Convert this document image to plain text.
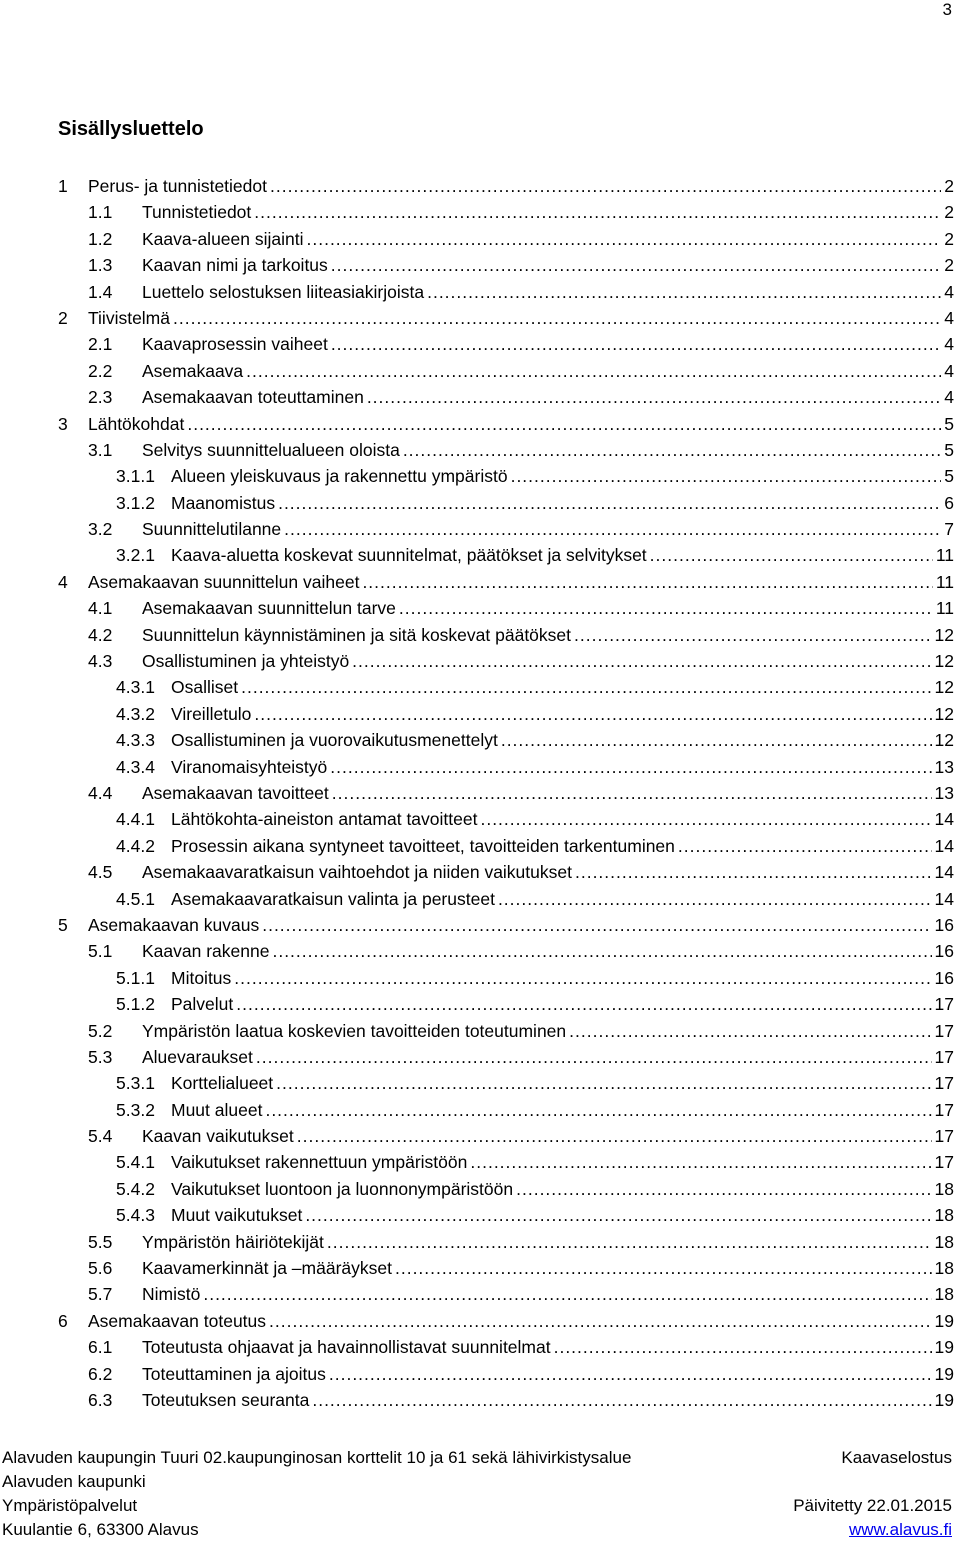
3
Sisällysluettelo
1	Perus- ja tunnistetiedot .....	2
1.1	Tunnistetiedot .....	2
1.2	Kaava-alueen sijainti .....	2
1.3	Kaavan nimi ja tarkoitus .....	2
1.4	Luettelo selostuksen liiteasiakirjoista .....	4
2	Tiivistelmä .....	4
2.1	Kaavaprosessin vaiheet .....	4
2.2	Asemakaava .....	4
2.3	Asemakaavan toteuttaminen .....	4
3	Lähtökohdat .....	5
3.1	Selvitys suunnittelualueen oloista .....	5
3.1.1 Alueen yleiskuvaus ja rakennettu ympäristö .....	5
3.1.2 Maanomistus .....	6
3.2	Suunnittelutilanne .....	7
3.2.1 Kaava-aluetta koskevat suunnitelmat, päätökset ja selvitykset .....	11
4	Asemakaavan suunnittelun vaiheet .....	11
4.1	Asemakaavan suunnittelun tarve .....	11
4.2	Suunnittelun käynnistäminen ja sitä koskevat päätökset .....	12
4.3	Osallistuminen ja yhteistyö .....	12
4.3.1 Osalliset .....	12
4.3.2 Vireilletulo .....	12
4.3.3 Osallistuminen ja vuorovaikutusmenettelyt .....	12
4.3.4 Viranomaisyhteistyö .....	13
4.4	Asemakaavan tavoitteet .....	13
4.4.1 Lähtökohta-aineiston antamat tavoitteet .....	14
4.4.2 Prosessin aikana syntyneet tavoitteet, tavoitteiden tarkentuminen .....	14
4.5	Asemakaavaratkaisun vaihtoehdot ja niiden vaikutukset .....	14
4.5.1 Asemakaavaratkaisun valinta ja perusteet .....	14
5	Asemakaavan kuvaus .....	16
5.1	Kaavan rakenne .....	16
5.1.1 Mitoitus .....	16
5.1.2 Palvelut .....	17
5.2	Ympäristön laatua koskevien tavoitteiden toteutuminen .....	17
5.3	Aluevaraukset .....	17
5.3.1 Korttelialueet .....	17
5.3.2 Muut alueet .....	17
5.4	Kaavan vaikutukset .....	17
5.4.1 Vaikutukset rakennettuun ympäristöön .....	17
5.4.2 Vaikutukset luontoon ja luonnonympäristöön .....	18
5.4.3 Muut vaikutukset .....	18
5.5	Ympäristön häiriötekijät .....	18
5.6	Kaavamerkinnät ja –määräykset .....	18
5.7	Nimistö .....	18
6	Asemakaavan toteutus .....	19
6.1	Toteutusta ohjaavat ja havainnollistavat suunnitelmat .....	19
6.2	Toteuttaminen ja ajoitus .....	19
6.3	Toteutuksen seuranta .....	19
Alavuden kaupungin Tuuri 02.kaupunginosan korttelit 10 ja 61 sekä lähivirkistysalue	Kaavaselostus
Alavuden kaupunki
Ympäristöpalvelut	Päivitetty 22.01.2015
Kuulantie 6, 63300 Alavus	www.alavus.fi
